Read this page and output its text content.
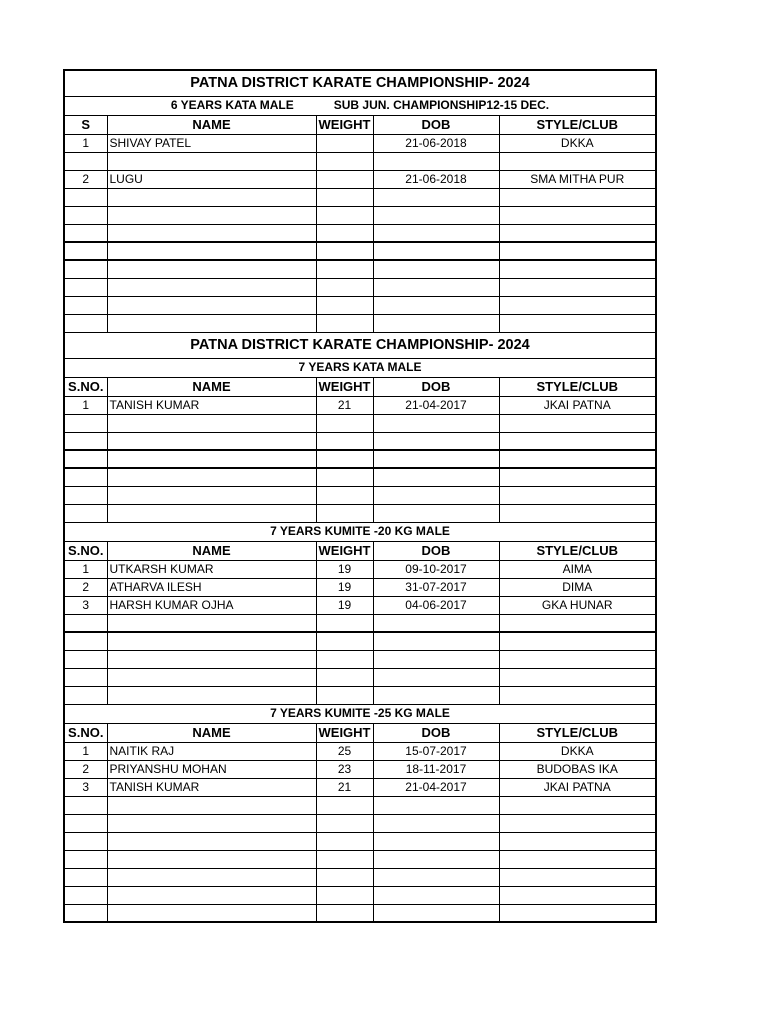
PATNA DISTRICT KARATE CHAMPIONSHIP- 2024				
6 YEARS KATA MALE SUB JUN. CHAMPIONSHIP12-15 DEC.				
S	NAME	WEIGHT	DOB	STYLE/CLUB
1	SHIVAY PATEL		21-06-2018	DKKA

2	LUGU		21-06-2018	SMA MITHA PUR

PATNA DISTRICT KARATE CHAMPIONSHIP- 2024				
7 YEARS KATA MALE				
S.NO.	NAME	WEIGHT	DOB	STYLE/CLUB
1	TANISH KUMAR	21	21-04-2017	JKAI PATNA

7 YEARS KUMITE -20 KG MALE				
S.NO.	NAME	WEIGHT	DOB	STYLE/CLUB
1	UTKARSH KUMAR	19	09-10-2017	AIMA
2	ATHARVA ILESH	19	31-07-2017	DIMA
3	HARSH KUMAR OJHA	19	04-06-2017	GKA HUNAR

7 YEARS KUMITE -25 KG MALE				
S.NO.	NAME	WEIGHT	DOB	STYLE/CLUB
1	NAITIK RAJ	25	15-07-2017	DKKA
2	PRIYANSHU MOHAN	23	18-11-2017	BUDOBAS IKA
3	TANISH KUMAR	21	21-04-2017	JKAI PATNA
